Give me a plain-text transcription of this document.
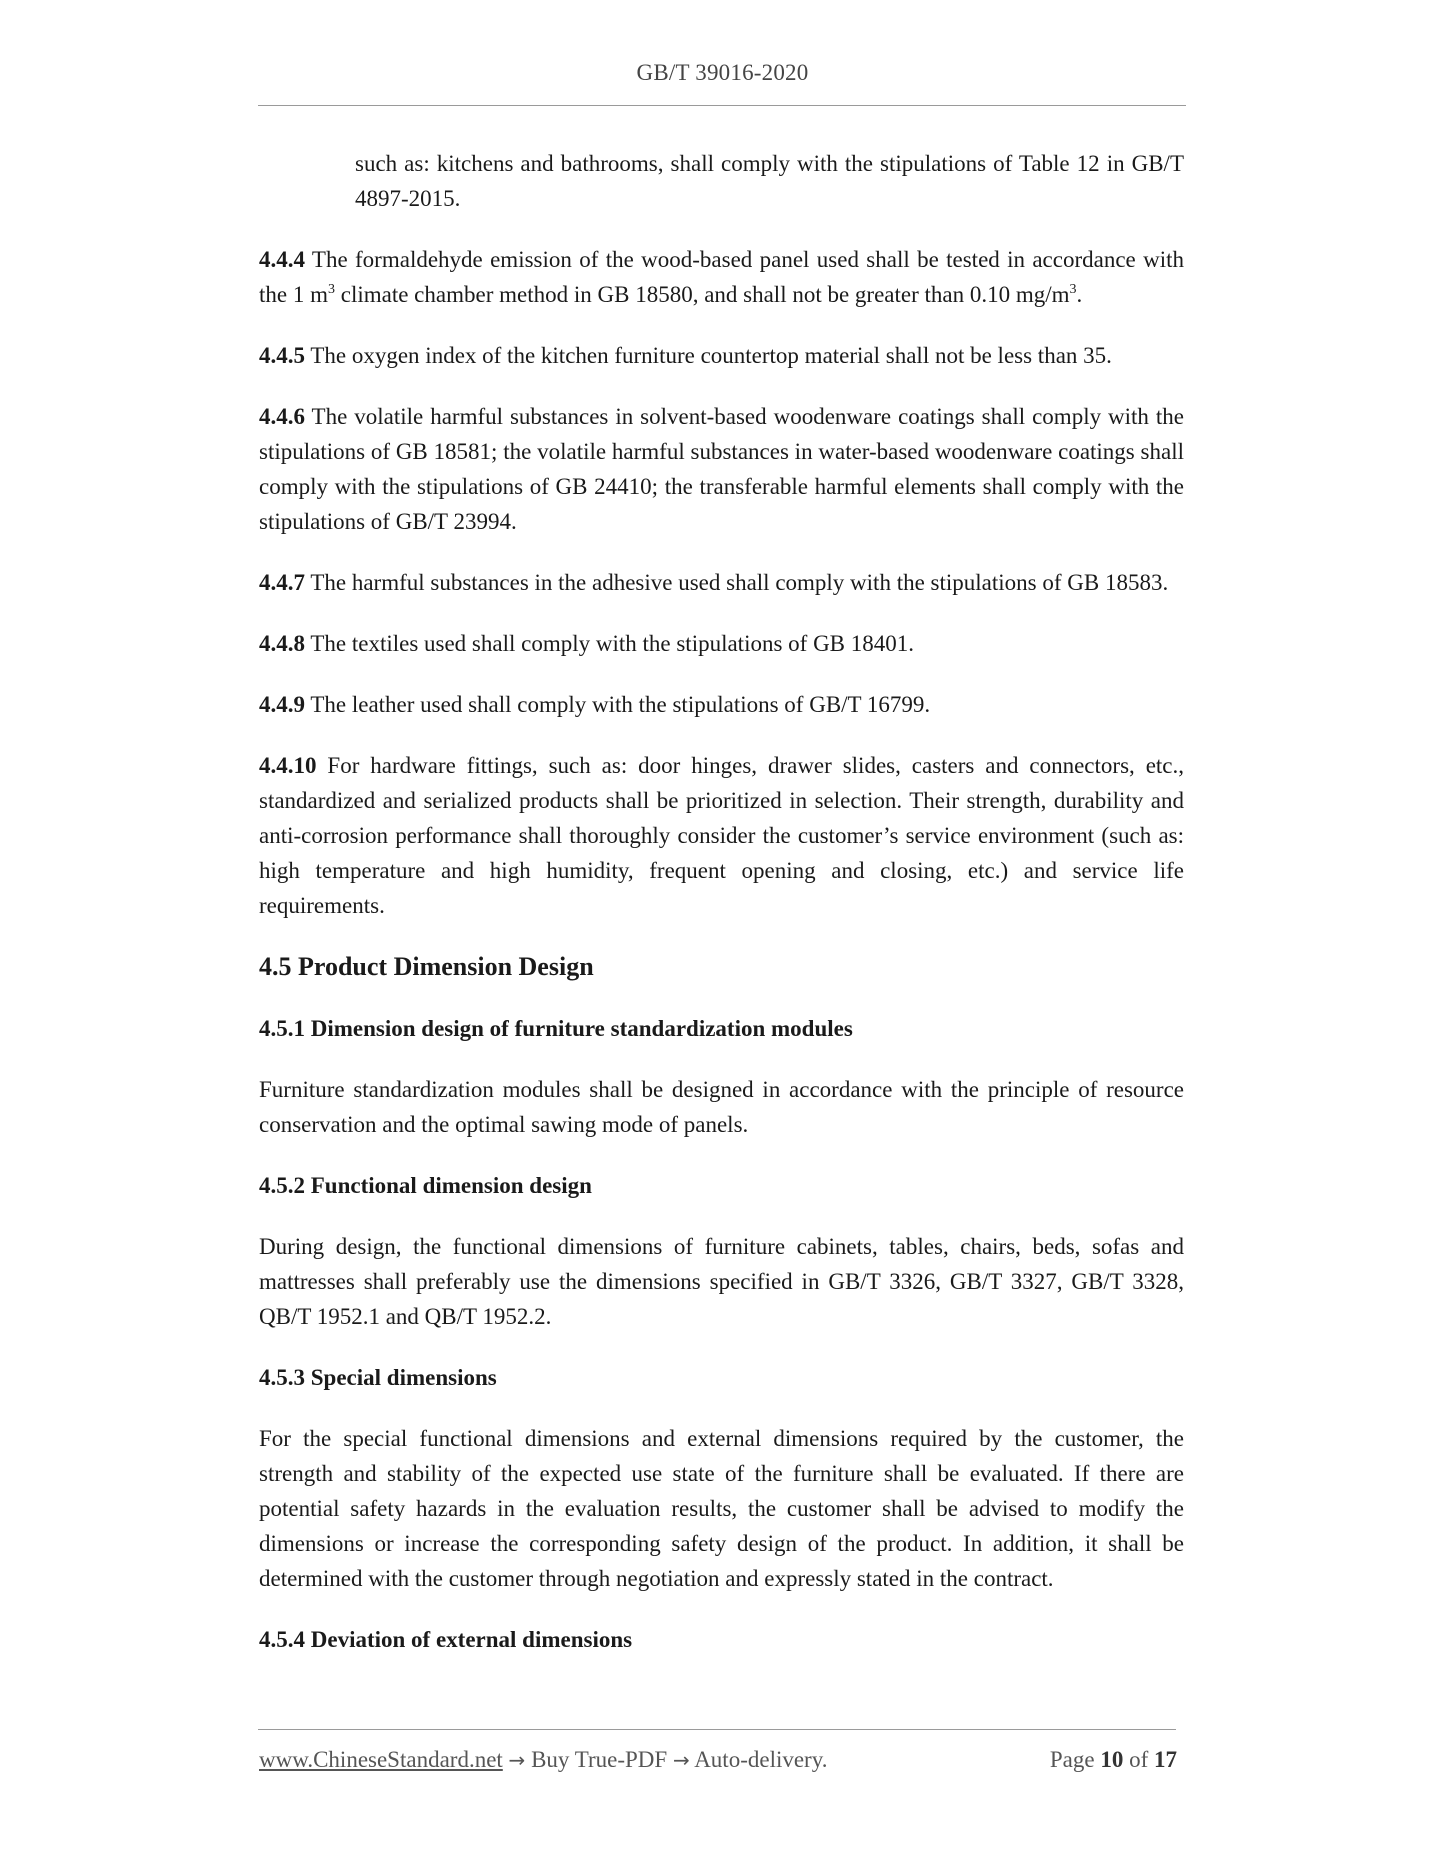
GB/T 39016-2020

such as: kitchens and bathrooms, shall comply with the stipulations of Table 12 in GB/T 4897-2015.

4.4.4 The formaldehyde emission of the wood-based panel used shall be tested in accordance with the 1 $m^3$ climate chamber method in GB 18580, and shall not be greater than 0.10 $mg/m^3$.

4.4.5 The oxygen index of the kitchen furniture countertop material shall not be less than 35.

4.4.6 The volatile harmful substances in solvent-based woodenware coatings shall comply with the stipulations of GB 18581; the volatile harmful substances in water-based woodenware coatings shall comply with the stipulations of GB 24410; the transferable harmful elements shall comply with the stipulations of GB/T 23994.

4.4.7 The harmful substances in the adhesive used shall comply with the stipulations of GB 18583.

4.4.8 The textiles used shall comply with the stipulations of GB 18401.

4.4.9 The leather used shall comply with the stipulations of GB/T 16799.

4.4.10 For hardware fittings, such as: door hinges, drawer slides, casters and connectors, etc., standardized and serialized products shall be prioritized in selection. Their strength, durability and anti-corrosion performance shall thoroughly consider the customer’s service environment (such as: high temperature and high humidity, frequent opening and closing, etc.) and service life requirements.

4.5 Product Dimension Design
4.5.1 Dimension design of furniture standardization modules

Furniture standardization modules shall be designed in accordance with the principle of resource conservation and the optimal sawing mode of panels.

4.5.2 Functional dimension design

During design, the functional dimensions of furniture cabinets, tables, chairs, beds, sofas and mattresses shall preferably use the dimensions specified in GB/T 3326, GB/T 3327, GB/T 3328, QB/T 1952.1 and QB/T 1952.2.

4.5.3 Special dimensions

For the special functional dimensions and external dimensions required by the customer, the strength and stability of the expected use state of the furniture shall be evaluated. If there are potential safety hazards in the evaluation results, the customer shall be advised to modify the dimensions or increase the corresponding safety design of the product. In addition, it shall be determined with the customer through negotiation and expressly stated in the contract.

4.5.4 Deviation of external dimensions
www.ChineseStandard.net → Buy True-PDF → Auto-delivery.	Page 10 of 17
